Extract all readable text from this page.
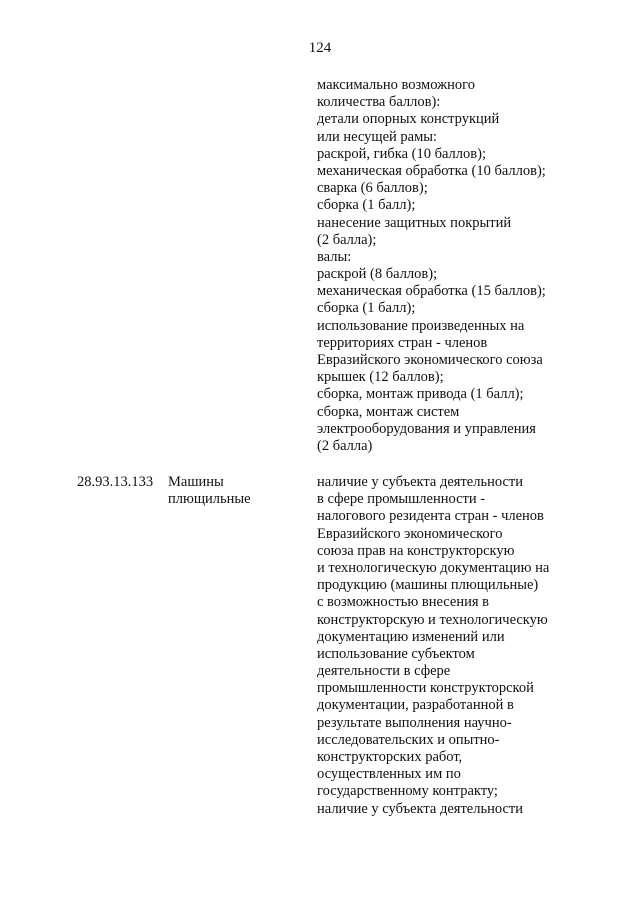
124
максимально возможного
количества баллов):
детали опорных конструкций
или несущей рамы:
раскрой, гибка (10 баллов);
механическая обработка (10 баллов);
сварка (6 баллов);
сборка (1 балл);
нанесение защитных покрытий
(2 балла);
валы:
раскрой (8 баллов);
механическая обработка (15 баллов);
сборка (1 балл);
использование произведенных на
территориях стран - членов
Евразийского экономического союза
крышек (12 баллов);
сборка, монтаж привода (1 балл);
сборка, монтаж систем
электрооборудования и управления
(2 балла)
28.93.13.133 Машины
плющильные
наличие у субъекта деятельности
в сфере промышленности -
налогового резидента стран - членов
Евразийского экономического
союза прав на конструкторскую
и технологическую документацию на
продукцию (машины плющильные)
с возможностью внесения в
конструкторскую и технологическую
документацию изменений или
использование субъектом
деятельности в сфере
промышленности конструкторской
документации, разработанной в
результате выполнения научно-
исследовательских и опытно-
конструкторских работ,
осуществленных им по
государственному контракту;
наличие у субъекта деятельности
